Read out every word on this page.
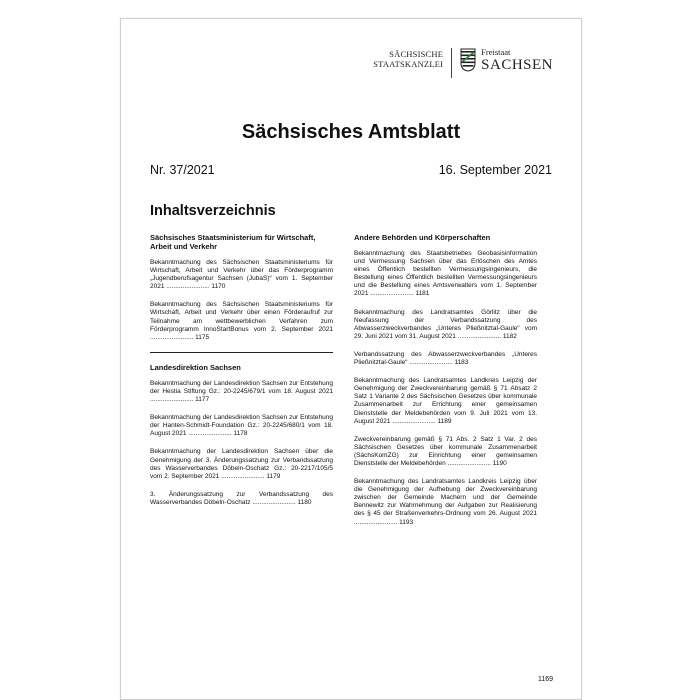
SÄCHSISCHE
STAATSKANZLEI
Freistaat
SACHSEN
Sächsisches Amtsblatt
Nr. 37/2021	16. September 2021
Inhaltsverzeichnis
Sächsisches Staatsministerium für Wirtschaft, Arbeit und Verkehr
Bekanntmachung des Sächsischen Staatsministeriums für Wirtschaft, Arbeit und Verkehr über das Förderprogramm „Jugendberufsagentur Sachsen (JubaS)“ vom 1. September 2021 ........................ 1170
Bekanntmachung des Sächsischen Staatsministeriums für Wirtschaft, Arbeit und Verkehr über einen Förderaufruf zur Teilnahme am wettbewerblichen Verfahren zum Förderprogramm InnoStartBonus vom 2. September 2021 ........................ 1175
Landesdirektion Sachsen
Bekanntmachung der Landesdirektion Sachsen zur Entstehung der Hestia Stiftung Gz.: 20-2245/679/1 vom 18. August 2021 ........................ 1177
Bekanntmachung der Landesdirektion Sachsen zur Entstehung der Hanten-Schmidt-Foundation Gz.: 20-2245/680/1 vom 18. August 2021 ........................ 1178
Bekanntmachung der Landesdirektion Sachsen über die Genehmigung der 3. Änderungssatzung zur Verbandssatzung des Wasserverbandes Döbeln-Oschatz Gz.: 20-2217/105/5 vom 2. September 2021 ........................ 1179
3. Änderungssatzung zur Verbandssatzung des Wasserverbandes Döbeln-Oschatz ........................ 1180
Andere Behörden und Körperschaften
Bekanntmachung des Staatsbetriebes Geobasisinformation und Vermessung Sachsen über das Erlöschen des Amtes eines Öffentlich bestellten Vermessungsingenieurs, die Bestellung eines Öffentlich bestellten Vermessungsingenieurs und die Bestellung eines Amtsverwalters vom 1. September 2021 ........................ 1181
Bekanntmachung des Landratsamtes Görlitz über die Neufassung der Verbandssatzung des Abwasserzweckverbandes „Unteres Pließnitztal-Gaule“ vom 29. Juni 2021 vom 31. August 2021 ........................ 1182
Verbandssatzung des Abwasserzweckverbandes „Unteres Pließnitztal-Gaule“ ........................ 1183
Bekanntmachung des Landratsamtes Landkreis Leipzig der Genehmigung der Zweckvereinbarung gemäß § 71 Absatz 2 Satz 1 Variante 2 des Sächsischen Gesetzes über kommunale Zusammenarbeit zur Errichtung einer gemeinsamen Dienststelle der Meldebehörden vom 9. Juli 2021 vom 13. August 2021 ........................ 1189
Zweckvereinbarung gemäß § 71 Abs. 2 Satz 1 Var. 2 des Sächsischen Gesetzes über kommunale Zusammenarbeit (SächsKomZG) zur Einrichtung einer gemeinsamen Dienststelle der Meldebehörden ........................ 1190
Bekanntmachung des Landratsamtes Landkreis Leipzig über die Genehmigung der Aufhebung der Zweckvereinbarung zwischen der Gemeinde Machern und der Gemeinde Bennewitz zur Wahrnehmung der Aufgaben zur Realisierung des § 45 der Straßenverkehrs-Ordnung vom 26. August 2021 ........................ 1193
1169
